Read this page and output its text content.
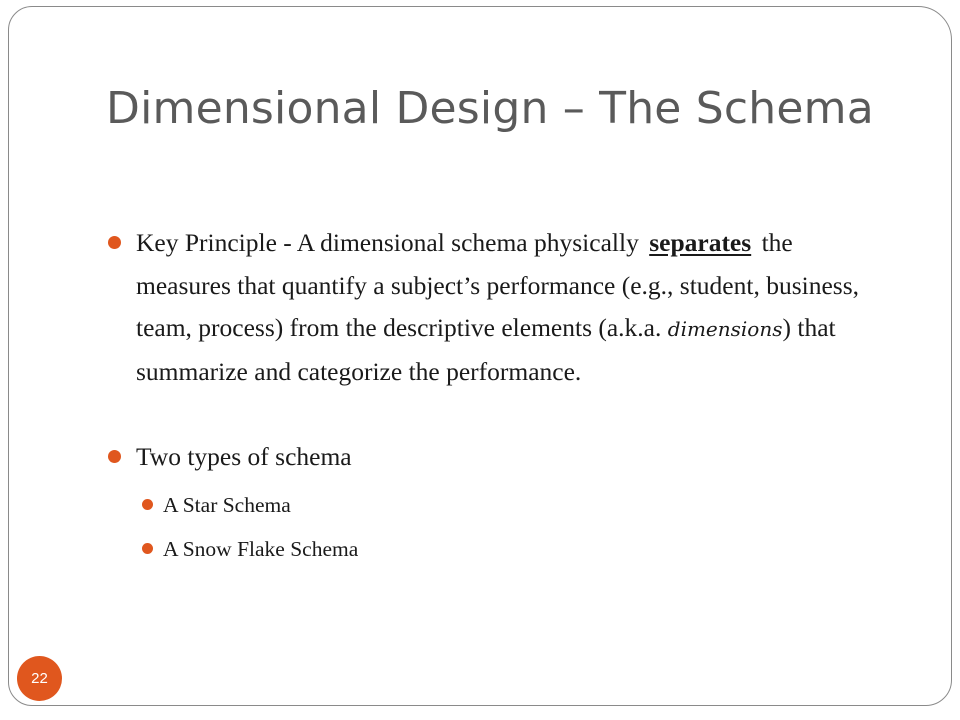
Dimensional Design – The Schema
Key Principle - A dimensional schema physically separates the measures that quantify a subject’s performance (e.g., student, business, team, process) from the descriptive elements (a.k.a. dimensions) that summarize and categorize the performance.
Two types of schema
A Star Schema
A Snow Flake Schema
22
